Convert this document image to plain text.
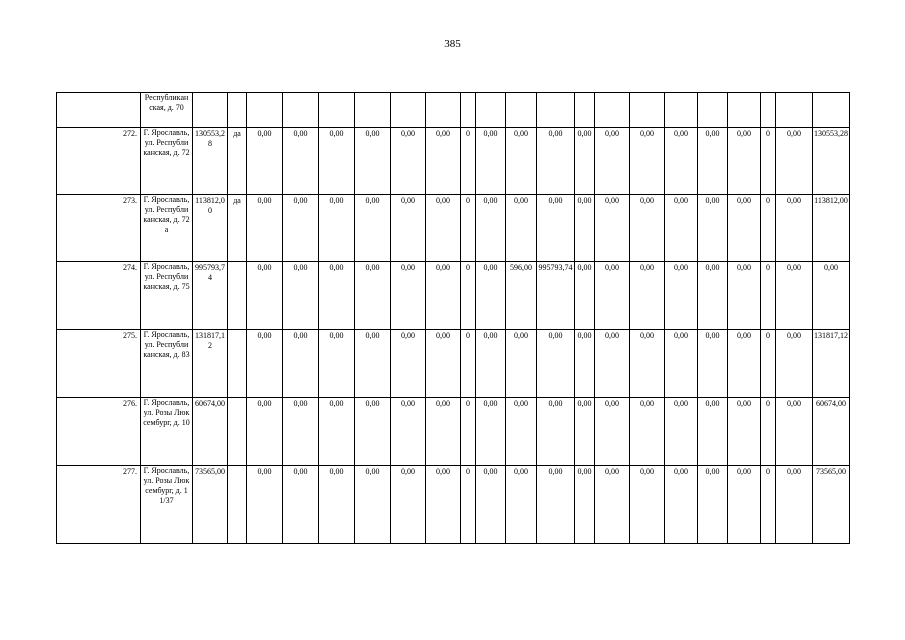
385
	Республиканская, д. 70																					
272.	Г. Ярославль, ул. Республиканская, д. 72	130553,28	да	0,00	0,00	0,00	0,00	0,00	0,00	0	0,00	0,00	0,00	0,00	0,00	0,00	0,00	0,00	0,00	0	0,00	130553,28
273.	Г. Ярославль, ул. Республиканская, д. 72а	113812,00	да	0,00	0,00	0,00	0,00	0,00	0,00	0	0,00	0,00	0,00	0,00	0,00	0,00	0,00	0,00	0,00	0	0,00	113812,00
274.	Г. Ярославль, ул. Республиканская, д. 75	995793,74		0,00	0,00	0,00	0,00	0,00	0,00	0	0,00	596,00	995793,74	0,00	0,00	0,00	0,00	0,00	0,00	0	0,00	0,00
275.	Г. Ярославль, ул. Республиканская, д. 83	131817,12		0,00	0,00	0,00	0,00	0,00	0,00	0	0,00	0,00	0,00	0,00	0,00	0,00	0,00	0,00	0,00	0	0,00	131817,12
276.	Г. Ярославль, ул. Розы Люксембург, д. 10	60674,00		0,00	0,00	0,00	0,00	0,00	0,00	0	0,00	0,00	0,00	0,00	0,00	0,00	0,00	0,00	0,00	0	0,00	60674,00
277.	Г. Ярославль, ул. Розы Люксембург, д. 11/37	73565,00		0,00	0,00	0,00	0,00	0,00	0,00	0	0,00	0,00	0,00	0,00	0,00	0,00	0,00	0,00	0,00	0	0,00	73565,00
